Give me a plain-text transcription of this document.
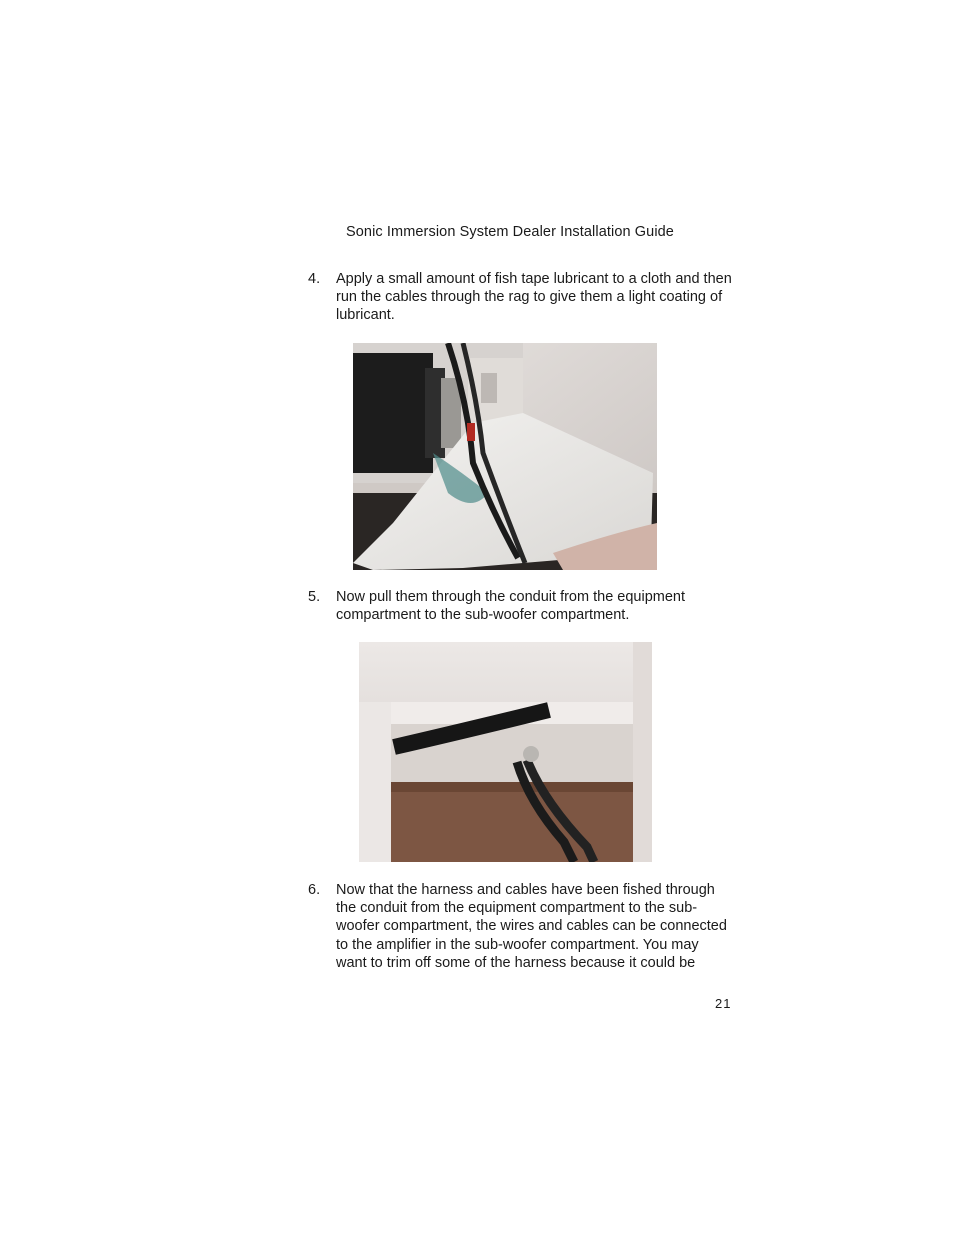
Sonic Immersion System Dealer Installation Guide
4. Apply a small amount of fish tape lubricant to a cloth and then run the cables through the rag to give them a light coating of lubricant.
5. Now pull them through the conduit from the equipment compartment to the sub-woofer compartment.
6. Now that the harness and cables have been fished through the conduit from the equipment compartment to the sub-woofer compartment, the wires and cables can be connected to the amplifier in the sub-woofer compartment. You may want to trim off some of the harness because it could be
21
